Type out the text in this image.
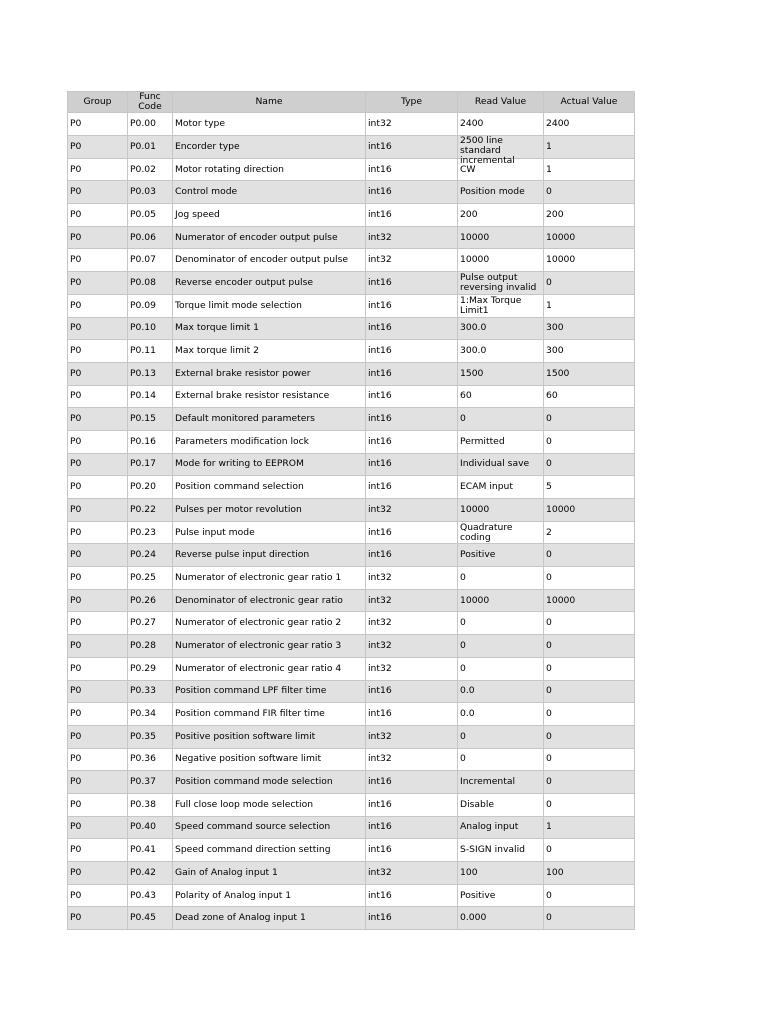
Group	Func Code	Name	Type	Read Value	Actual Value
P0	P0.00	Motor type	int32	2400	2400
P0	P0.01	Encorder type	int16	2500 line standard incremental	1
P0	P0.02	Motor rotating direction	int16	CW	1
P0	P0.03	Control mode	int16	Position mode	0
P0	P0.05	Jog speed	int16	200	200
P0	P0.06	Numerator of encoder output pulse	int32	10000	10000
P0	P0.07	Denominator of encoder output pulse	int32	10000	10000
P0	P0.08	Reverse encoder output pulse	int16	Pulse output reversing invalid	0
P0	P0.09	Torque limit mode selection	int16	1:Max Torque Limit1	1
P0	P0.10	Max torque limit 1	int16	300.0	300
P0	P0.11	Max torque limit 2	int16	300.0	300
P0	P0.13	External brake resistor power	int16	1500	1500
P0	P0.14	External brake resistor resistance	int16	60	60
P0	P0.15	Default monitored parameters	int16	0	0
P0	P0.16	Parameters modification lock	int16	Permitted	0
P0	P0.17	Mode for writing to EEPROM	int16	Individual save	0
P0	P0.20	Position command selection	int16	ECAM input	5
P0	P0.22	Pulses per motor revolution	int32	10000	10000
P0	P0.23	Pulse input mode	int16	Quadrature coding	2
P0	P0.24	Reverse pulse input direction	int16	Positive	0
P0	P0.25	Numerator of electronic gear ratio 1	int32	0	0
P0	P0.26	Denominator of electronic gear ratio	int32	10000	10000
P0	P0.27	Numerator of electronic gear ratio 2	int32	0	0
P0	P0.28	Numerator of electronic gear ratio 3	int32	0	0
P0	P0.29	Numerator of electronic gear ratio 4	int32	0	0
P0	P0.33	Position command LPF filter time	int16	0.0	0
P0	P0.34	Position command FIR filter time	int16	0.0	0
P0	P0.35	Positive position software limit	int32	0	0
P0	P0.36	Negative position software limit	int32	0	0
P0	P0.37	Position command mode selection	int16	Incremental	0
P0	P0.38	Full close loop mode selection	int16	Disable	0
P0	P0.40	Speed command source selection	int16	Analog input	1
P0	P0.41	Speed command direction setting	int16	S-SIGN invalid	0
P0	P0.42	Gain of Analog input 1	int32	100	100
P0	P0.43	Polarity of Analog input 1	int16	Positive	0
P0	P0.45	Dead zone of Analog input 1	int16	0.000	0
